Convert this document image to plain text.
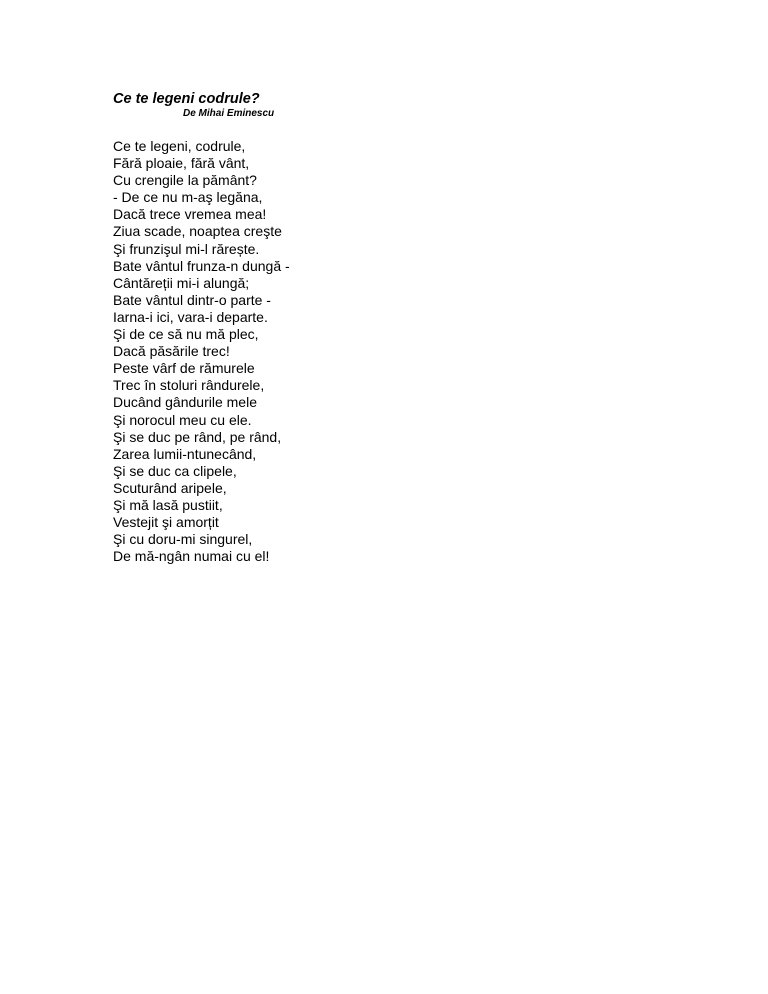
Ce te legeni codrule?
De Mihai Eminescu
Ce te legeni, codrule,
Fără ploaie, fără vânt,
Cu crengile la pământ?
- De ce nu m-aş legăna,
Dacă trece vremea mea!
Ziua scade, noaptea creşte
Şi frunzişul mi-l rărește.
Bate vântul frunza-n dungă -
Cântăreții mi-i alungă;
Bate vântul dintr-o parte -
Iarna-i ici, vara-i departe.
Şi de ce să nu mă plec,
Dacă păsările trec!
Peste vârf de rămurele
Trec în stoluri rândurele,
Ducând gândurile mele
Şi norocul meu cu ele.
Şi se duc pe rând, pe rând,
Zarea lumii-ntunecând,
Şi se duc ca clipele,
Scuturând aripele,
Şi mă lasă pustiit,
Vestejit şi amorțit
Şi cu doru-mi singurel,
De mă-ngân numai cu el!
